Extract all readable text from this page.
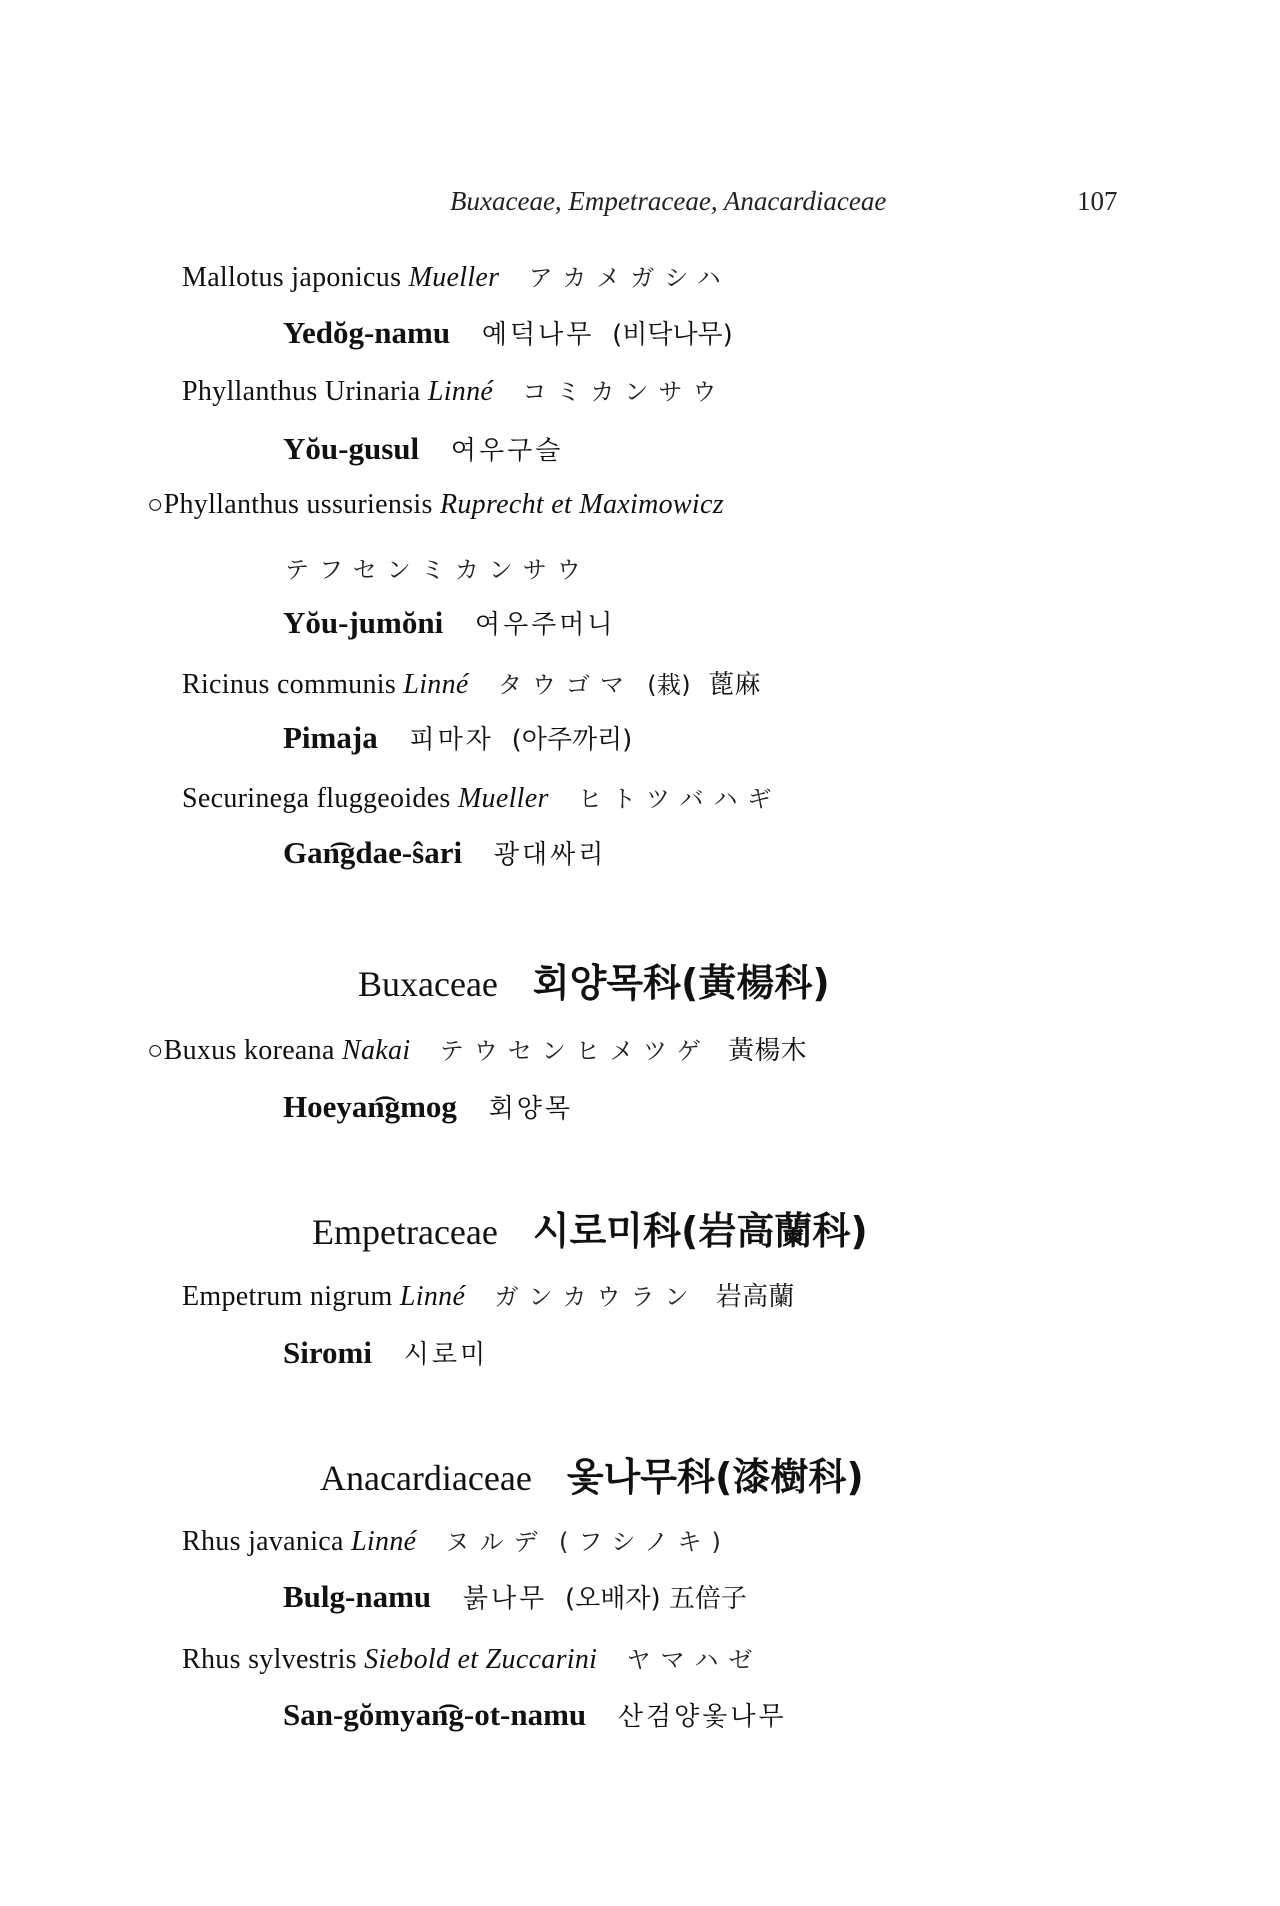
Buxaceae, Empetraceae, Anacardiaceae	107
Mallotus japonicus Mueller アカメガシハ
Yedŏg-namu 예덕나무 (비닥나무)
Phyllanthus Urinaria Linné コミカンサウ
Yŏu-gusul 여우구슬
○Phyllanthus ussuriensis Ruprecht et Maximowicz
テフセンミカンサウ
Yŏu-jumŏni 여우주머니
Ricinus communis Linné タウゴマ (栽) 蓖麻
Pimaja 피마자 (아주까리)
Securinega fluggeoides Mueller ヒトツバハギ
Gan͡gdae-ŝari 광대싸리
Buxaceae 회양목科(黃楊科)
○Buxus koreana Nakai テウセンヒメツゲ 黃楊木
Hoeyan͡gmog 회양목
Empetraceae 시로미科(岩高蘭科)
Empetrum nigrum Linné ガンカウラン 岩高蘭
Siromi 시로미
Anacardiaceae 옻나무科(漆樹科)
Rhus javanica Linné ヌルデ (フシノキ)
Bulg-namu 붉나무 (오배자) 五倍子
Rhus sylvestris Siebold et Zuccarini ヤマハゼ
San-gŏmyan͡g-ot-namu 산검양옻나무
